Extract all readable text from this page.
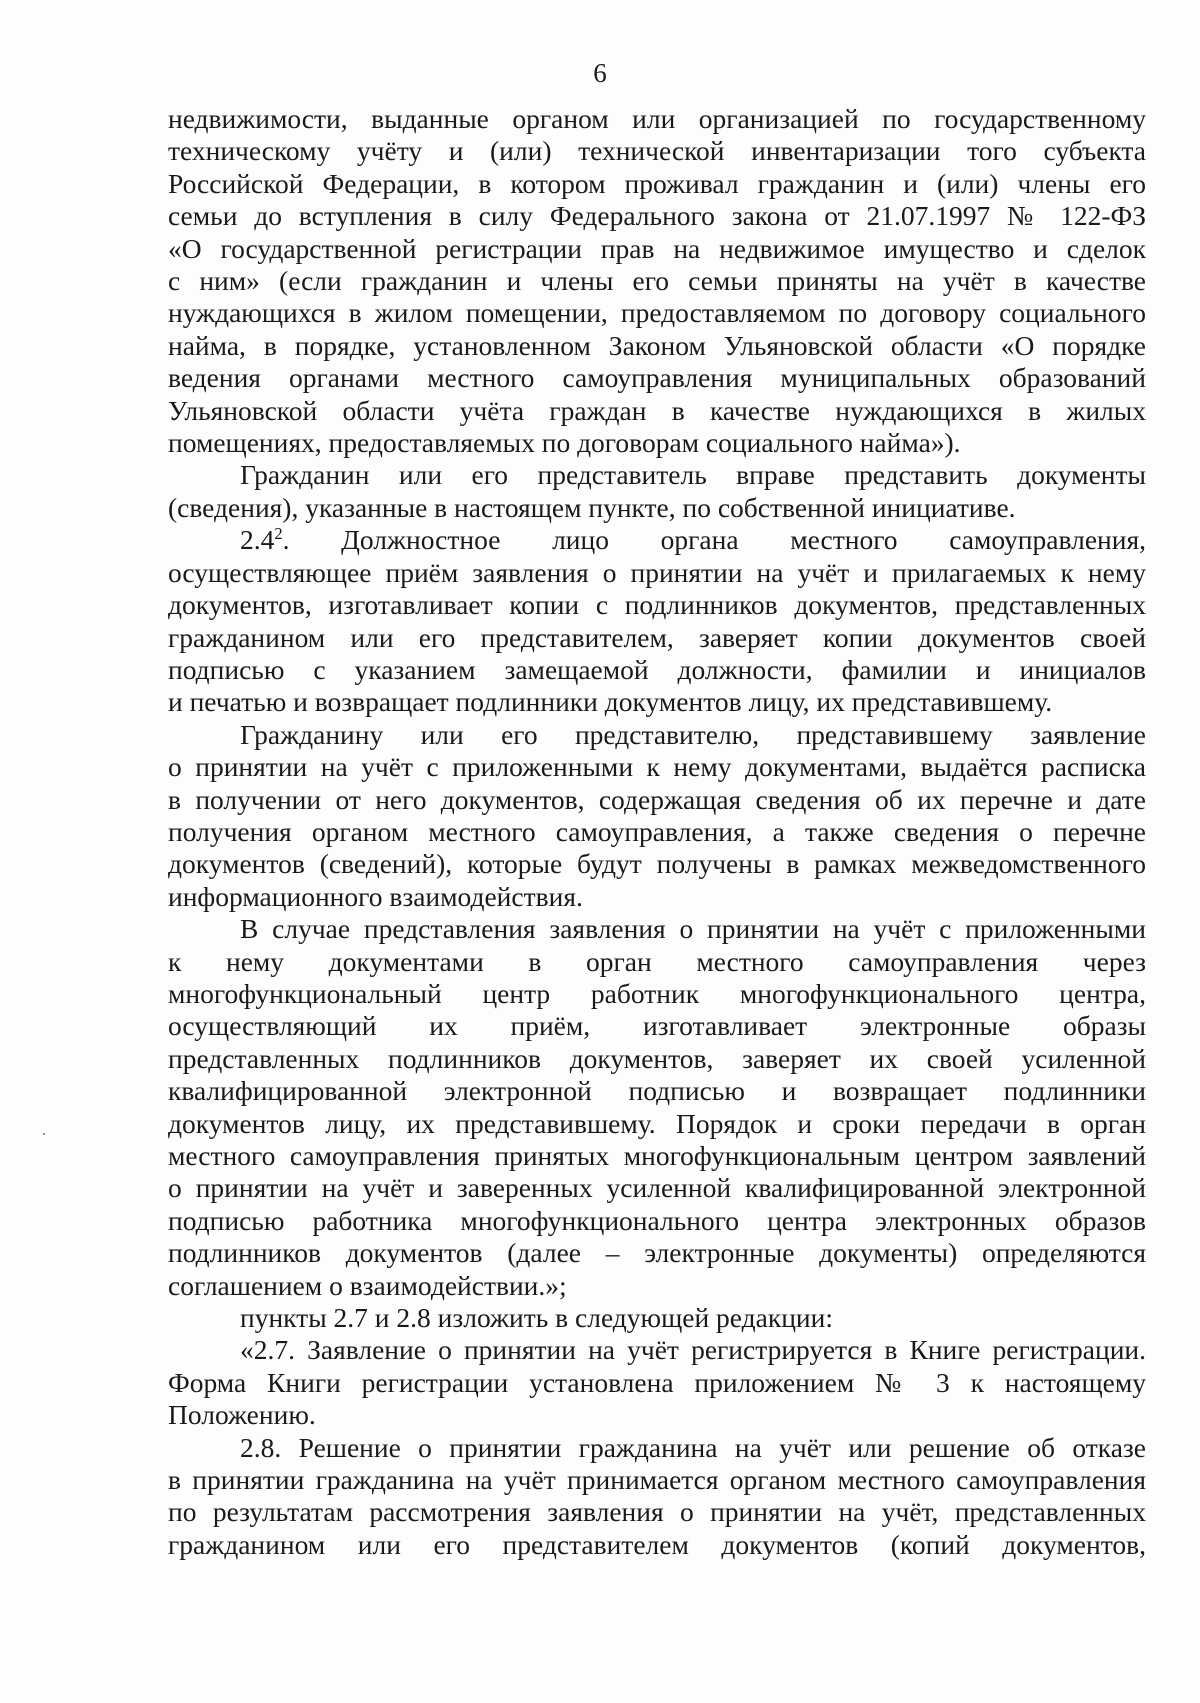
6
недвижимости, выданные органом или организацией по государственному
техническому учёту и (или) технической инвентаризации того субъекта
Российской Федерации, в котором проживал гражданин и (или) члены его
семьи до вступления в силу Федерального закона от 21.07.1997 № 122-ФЗ
«О государственной регистрации прав на недвижимое имущество и сделок
с ним» (если гражданин и члены его семьи приняты на учёт в качестве
нуждающихся в жилом помещении, предоставляемом по договору социального
найма, в порядке, установленном Законом Ульяновской области «О порядке
ведения органами местного самоуправления муниципальных образований
Ульяновской области учёта граждан в качестве нуждающихся в жилых
помещениях, предоставляемых по договорам социального найма»).
Гражданин или его представитель вправе представить документы
(сведения), указанные в настоящем пункте, по собственной инициативе.
$2.4^2$. Должностное лицо органа местного самоуправления,
осуществляющее приём заявления о принятии на учёт и прилагаемых к нему
документов, изготавливает копии с подлинников документов, представленных
гражданином или его представителем, заверяет копии документов своей
подписью с указанием замещаемой должности, фамилии и инициалов
и печатью и возвращает подлинники документов лицу, их представившему.
Гражданину или его представителю, представившему заявление
о принятии на учёт с приложенными к нему документами, выдаётся расписка
в получении от него документов, содержащая сведения об их перечне и дате
получения органом местного самоуправления, а также сведения о перечне
документов (сведений), которые будут получены в рамках межведомственного
информационного взаимодействия.
В случае представления заявления о принятии на учёт с приложенными
к нему документами в орган местного самоуправления через
многофункциональный центр работник многофункционального центра,
осуществляющий их приём, изготавливает электронные образы
представленных подлинников документов, заверяет их своей усиленной
квалифицированной электронной подписью и возвращает подлинники
документов лицу, их представившему. Порядок и сроки передачи в орган
местного самоуправления принятых многофункциональным центром заявлений
о принятии на учёт и заверенных усиленной квалифицированной электронной
подписью работника многофункционального центра электронных образов
подлинников документов (далее – электронные документы) определяются
соглашением о взаимодействии.»;
пункты 2.7 и 2.8 изложить в следующей редакции:
«2.7. Заявление о принятии на учёт регистрируется в Книге регистрации.
Форма Книги регистрации установлена приложением № 3 к настоящему
Положению.
2.8. Решение о принятии гражданина на учёт или решение об отказе
в принятии гражданина на учёт принимается органом местного самоуправления
по результатам рассмотрения заявления о принятии на учёт, представленных
гражданином или его представителем документов (копий документов,
